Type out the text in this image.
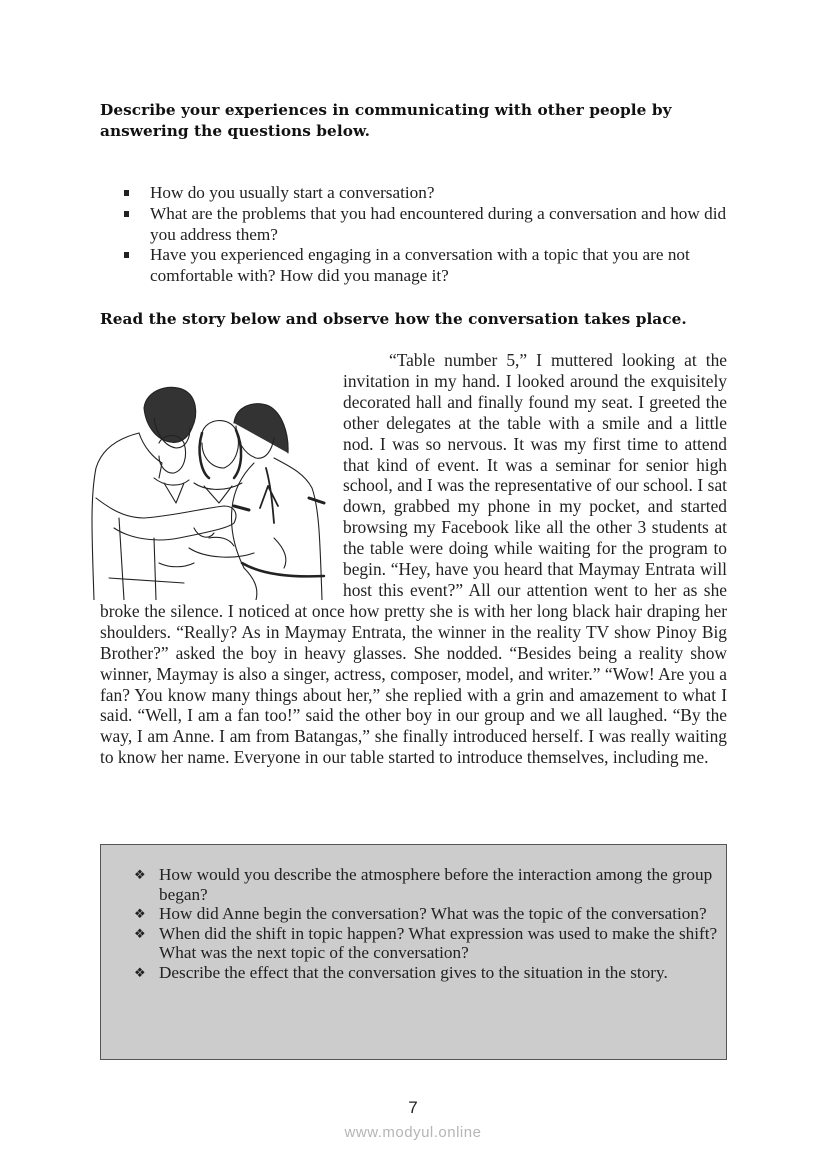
Describe your experiences in communicating with other people by answering the questions below.
How do you usually start a conversation?
What are the problems that you had encountered during a conversation and how did you address them?
Have you experienced engaging in a conversation with a topic that you are not comfortable with? How did you manage it?
Read the story below and observe how the conversation takes place.

“Table number 5,” I muttered looking at the invitation in my hand. I looked around the exquisitely decorated hall and finally found my seat. I greeted the other delegates at the table with a smile and a little nod. I was so nervous. It was my first time to attend that kind of event. It was a seminar for senior high school, and I was the representative of our school. I sat down, grabbed my phone in my pocket, and started browsing my Facebook like all the other 3 students at the table were doing while waiting for the program to begin. “Hey, have you heard that Maymay Entrata will host this event?” All our attention went to her as she broke the silence. I noticed at once how pretty she is with her long black hair draping her shoulders. “Really? As in Maymay Entrata, the winner in the reality TV show Pinoy Big Brother?” asked the boy in heavy glasses. She nodded. “Besides being a reality show winner, Maymay is also a singer, actress, composer, model, and writer.” “Wow! Are you a fan? You know many things about her,” she replied with a grin and amazement to what I said. “Well, I am a fan too!” said the other boy in our group and we all laughed. “By the way, I am Anne. I am from Batangas,” she finally introduced herself. I was really waiting to know her name. Everyone in our table started to introduce themselves, including me.

❖ How would you describe the atmosphere before the interaction among the group began?
❖ How did Anne begin the conversation? What was the topic of the conversation?
❖ When did the shift in topic happen? What expression was used to make the shift? What was the next topic of the conversation?
❖ Describe the effect that the conversation gives to the situation in the story.
7
www.modyul.online
